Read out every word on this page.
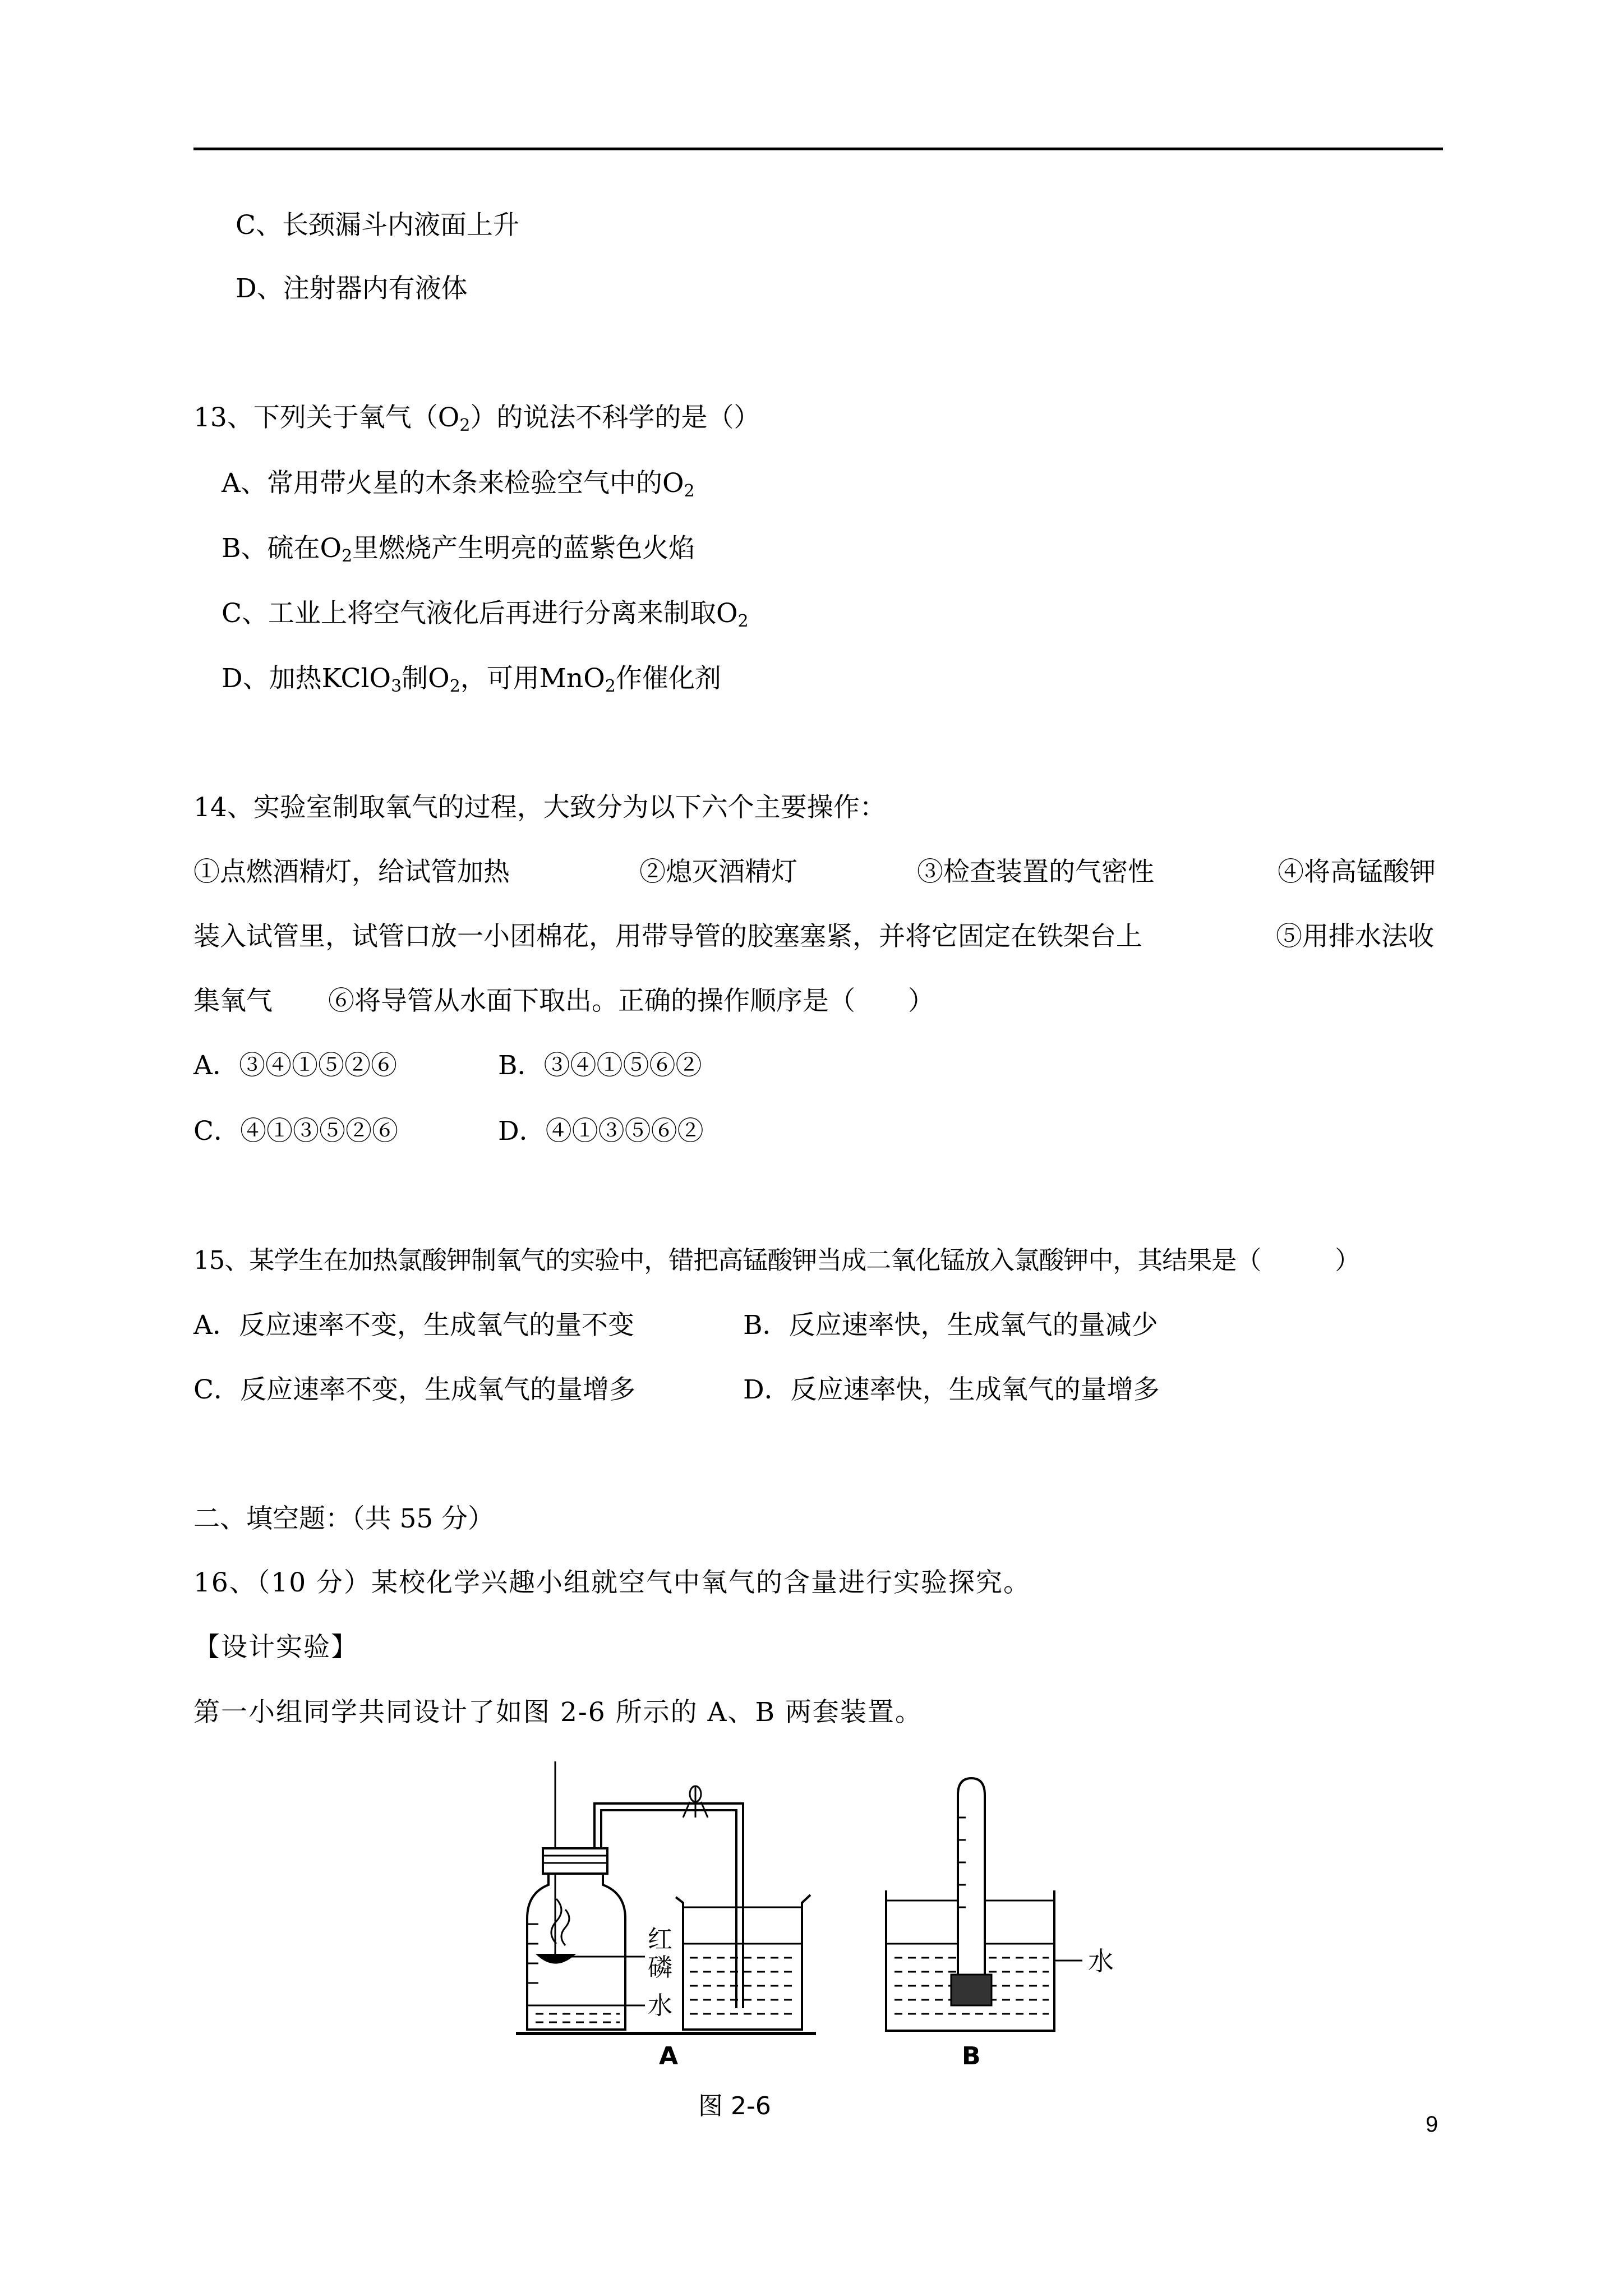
C、长颈漏斗内液面上升
D、注射器内有液体
13、下列关于氧气$(O_2)$的说法不科学的是（）
A、常用带火星的木条来检验空气中的$O_2$
B、硫在$O_2$里燃烧产生明亮的蓝紫色火焰
C、工业上将空气液化后再进行分离来制取$O_2$
D、加热KClO$_3$制$O_2$，可用MnO$_2$作催化剂
14、实验室制取氧气的过程，大致分为以下六个主要操作：
①点燃酒精灯，给试管加热	②熄灭酒精灯	③检查装置的气密性	④将高锰酸钾
装入试管里，试管口放一小团棉花，用带导管的胶塞塞紧，并将它固定在铁架台上	⑤用排水法收
集氧气 ⑥将导管从水面下取出。正确的操作顺序是（　　）
A．③④①⑤②⑥	B．③④①⑤⑥②
C．④①③⑤②⑥	D．④①③⑤⑥②
15、某学生在加热氯酸钾制氧气的实验中，错把高锰酸钾当成二氧化锰放入氯酸钾中，其结果是（　　　）
A．反应速率不变，生成氧气的量不变	B．反应速率快，生成氧气的量减少
C．反应速率不变，生成氧气的量增多	D．反应速率快，生成氧气的量增多
二、填空题：（共 55 分）
16、（10 分）某校化学兴趣小组就空气中氧气的含量进行实验探究。
【设计实验】
第一小组同学共同设计了如图 2-6 所示的 A、B 两套装置。
红
磷
水
水
A	B
图 2-6
9
